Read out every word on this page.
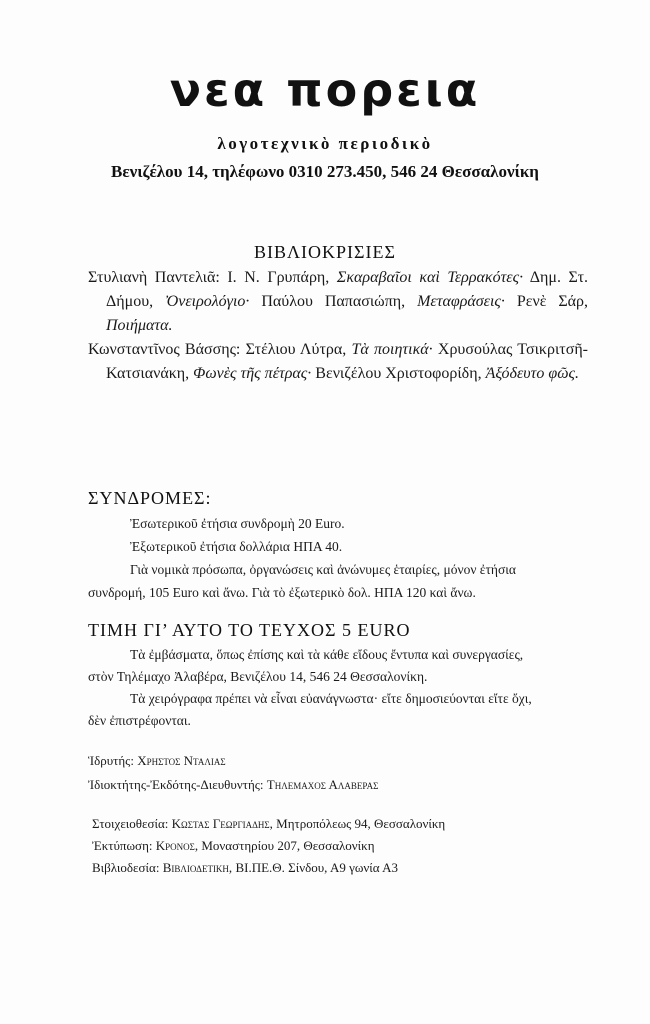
νεα πορεια
λογοτεχνικὸ περιοδικὸ
Βενιζέλου 14, τηλέφωνο 0310 273.450, 546 24 Θεσσαλονίκη
ΒΙΒΛΙΟΚΡΙΣΙΕΣ
Στυλιανὴ Παντελιᾶ: Ι. Ν. Γρυπάρη, Σκαραβαῖοι καὶ Τερρακότες· Δημ. Στ. Δήμου, Ὀνειρολόγιο· Παύλου Παπασιώπη, Μεταφράσεις· Ρενὲ Σάρ, Ποιήματα.
Κωνσταντῖνος Βάσσης: Στέλιου Λύτρα, Τὰ ποιητικά· Χρυσούλας Τσικριτσῆ-Κατσιανάκη, Φωνὲς τῆς πέτρας· Βενιζέλου Χριστοφορίδη, Ἀξόδευτο φῶς.
ΣΥΝΔΡΟΜΕΣ:
Ἐσωτερικοῦ ἐτήσια συνδρομὴ 20 Euro.
Ἐξωτερικοῦ ἐτήσια δολλάρια ΗΠΑ 40.
Γιὰ νομικὰ πρόσωπα, ὀργανώσεις καὶ ἀνώνυμες ἑταιρίες, μόνον ἐτήσια
συνδρομή, 105 Euro καὶ ἄνω. Γιὰ τὸ ἐξωτερικὸ δολ. ΗΠΑ 120 καὶ ἄνω.
ΤΙΜΗ ΓΙ’ ΑΥΤΟ ΤΟ ΤΕΥΧΟΣ 5 EURO
Τὰ ἐμβάσματα, ὅπως ἐπίσης καὶ τὰ κάθε εἴδους ἔντυπα καὶ συνεργασίες,
στὸν Τηλέμαχο Ἀλαβέρα, Βενιζέλου 14, 546 24 Θεσσαλονίκη.
Τὰ χειρόγραφα πρέπει νὰ εἶναι εὐανάγνωστα· εἴτε δημοσιεύονται εἴτε ὄχι,
δὲν ἐπιστρέφονται.
Ἱδρυτής: Χρηστος Νταλιας
Ἰδιοκτήτης-Ἐκδότης-Διευθυντής: Τηλεμαχος Αλαβερας
Στοιχειοθεσία: Κωστας Γεωργιαδης, Μητροπόλεως 94, Θεσσαλονίκη
Ἐκτύπωση: Κρονος, Μοναστηρίου 207, Θεσσαλονίκη
Βιβλιοδεσία: Βιβλιοδετικη, ΒΙ.ΠΕ.Θ. Σίνδου, Α9 γωνία Α3
